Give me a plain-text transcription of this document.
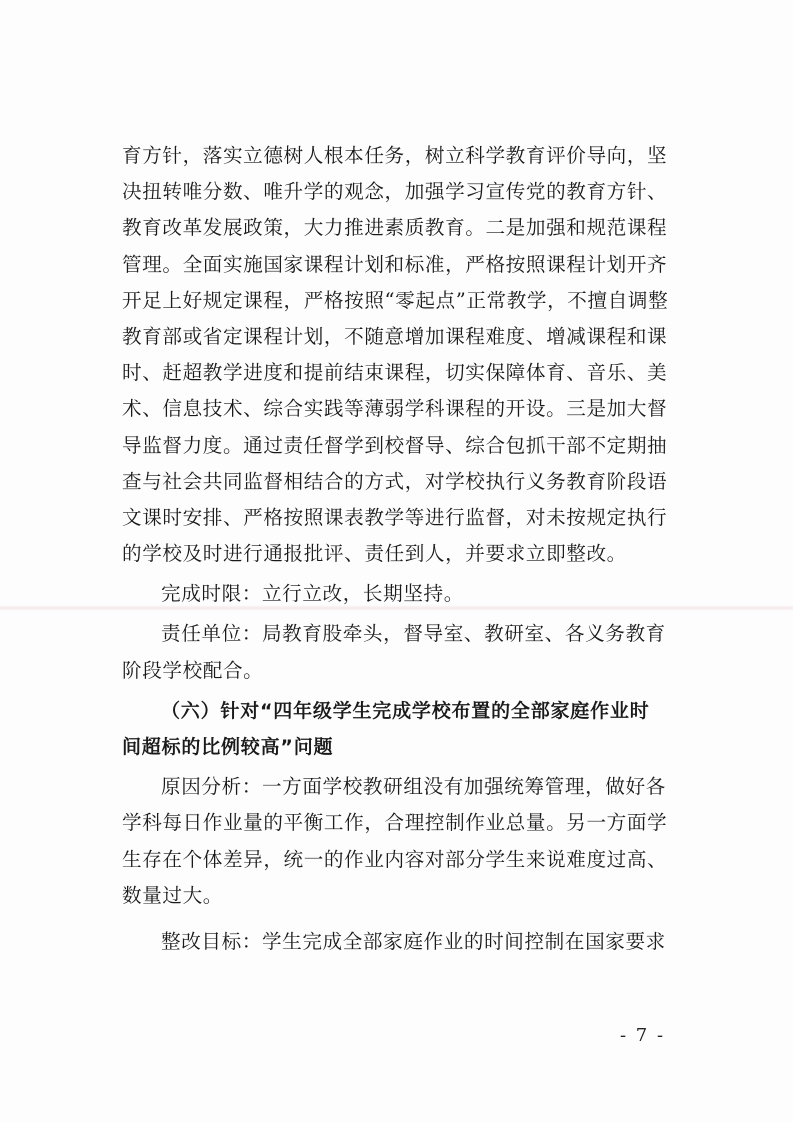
育方针，落实立德树人根本任务，树立科学教育评价导向，坚
决扭转唯分数、唯升学的观念，加强学习宣传党的教育方针、
教育改革发展政策，大力推进素质教育。二是加强和规范课程
管理。全面实施国家课程计划和标准，严格按照课程计划开齐
开足上好规定课程，严格按照“零起点”正常教学，不擅自调整
教育部或省定课程计划，不随意增加课程难度、增减课程和课
时、赶超教学进度和提前结束课程，切实保障体育、音乐、美
术、信息技术、综合实践等薄弱学科课程的开设。三是加大督
导监督力度。通过责任督学到校督导、综合包抓干部不定期抽
查与社会共同监督相结合的方式，对学校执行义务教育阶段语
文课时安排、严格按照课表教学等进行监督，对未按规定执行
的学校及时进行通报批评、责任到人，并要求立即整改。
完成时限：立行立改，长期坚持。
责任单位：局教育股牵头，督导室、教研室、各义务教育
阶段学校配合。
（六）针对“四年级学生完成学校布置的全部家庭作业时
间超标的比例较高”问题
原因分析：一方面学校教研组没有加强统筹管理，做好各
学科每日作业量的平衡工作，合理控制作业总量。另一方面学
生存在个体差异，统一的作业内容对部分学生来说难度过高、
数量过大。
整改目标：学生完成全部家庭作业的时间控制在国家要求
- 7 -
